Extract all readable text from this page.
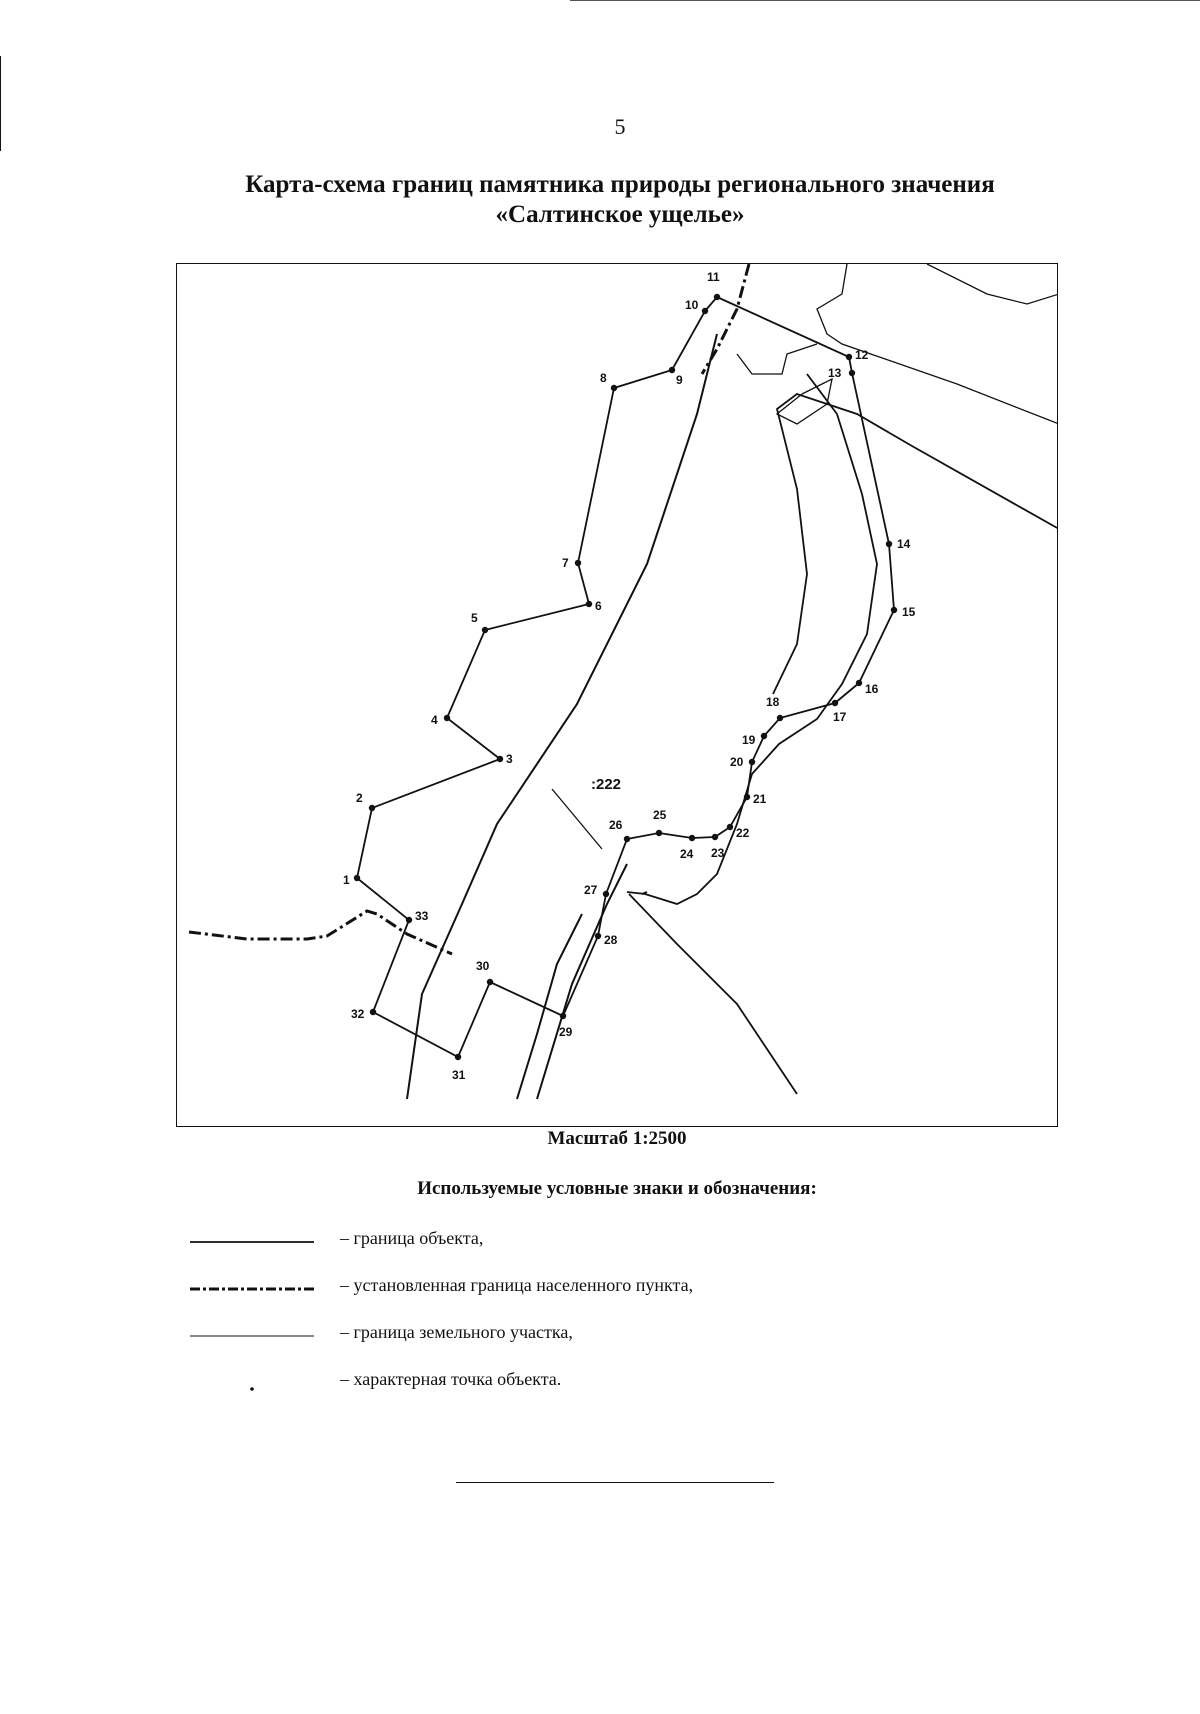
5
Карта-схема границ памятника природы регионального значения
«Салтинское ущелье»
1
2
3
4
5
6
7
8	9
10
11
12
13
14
15
16
17
18
19
20
21
22
23
24
25
26
27
28
29
30
31
32
33
:222
Масштаб 1:2500
Используемые условные знаки и обозначения:
– граница объекта,
– установленная граница населенного пункта,
– граница земельного участка,
– характерная точка объекта.
